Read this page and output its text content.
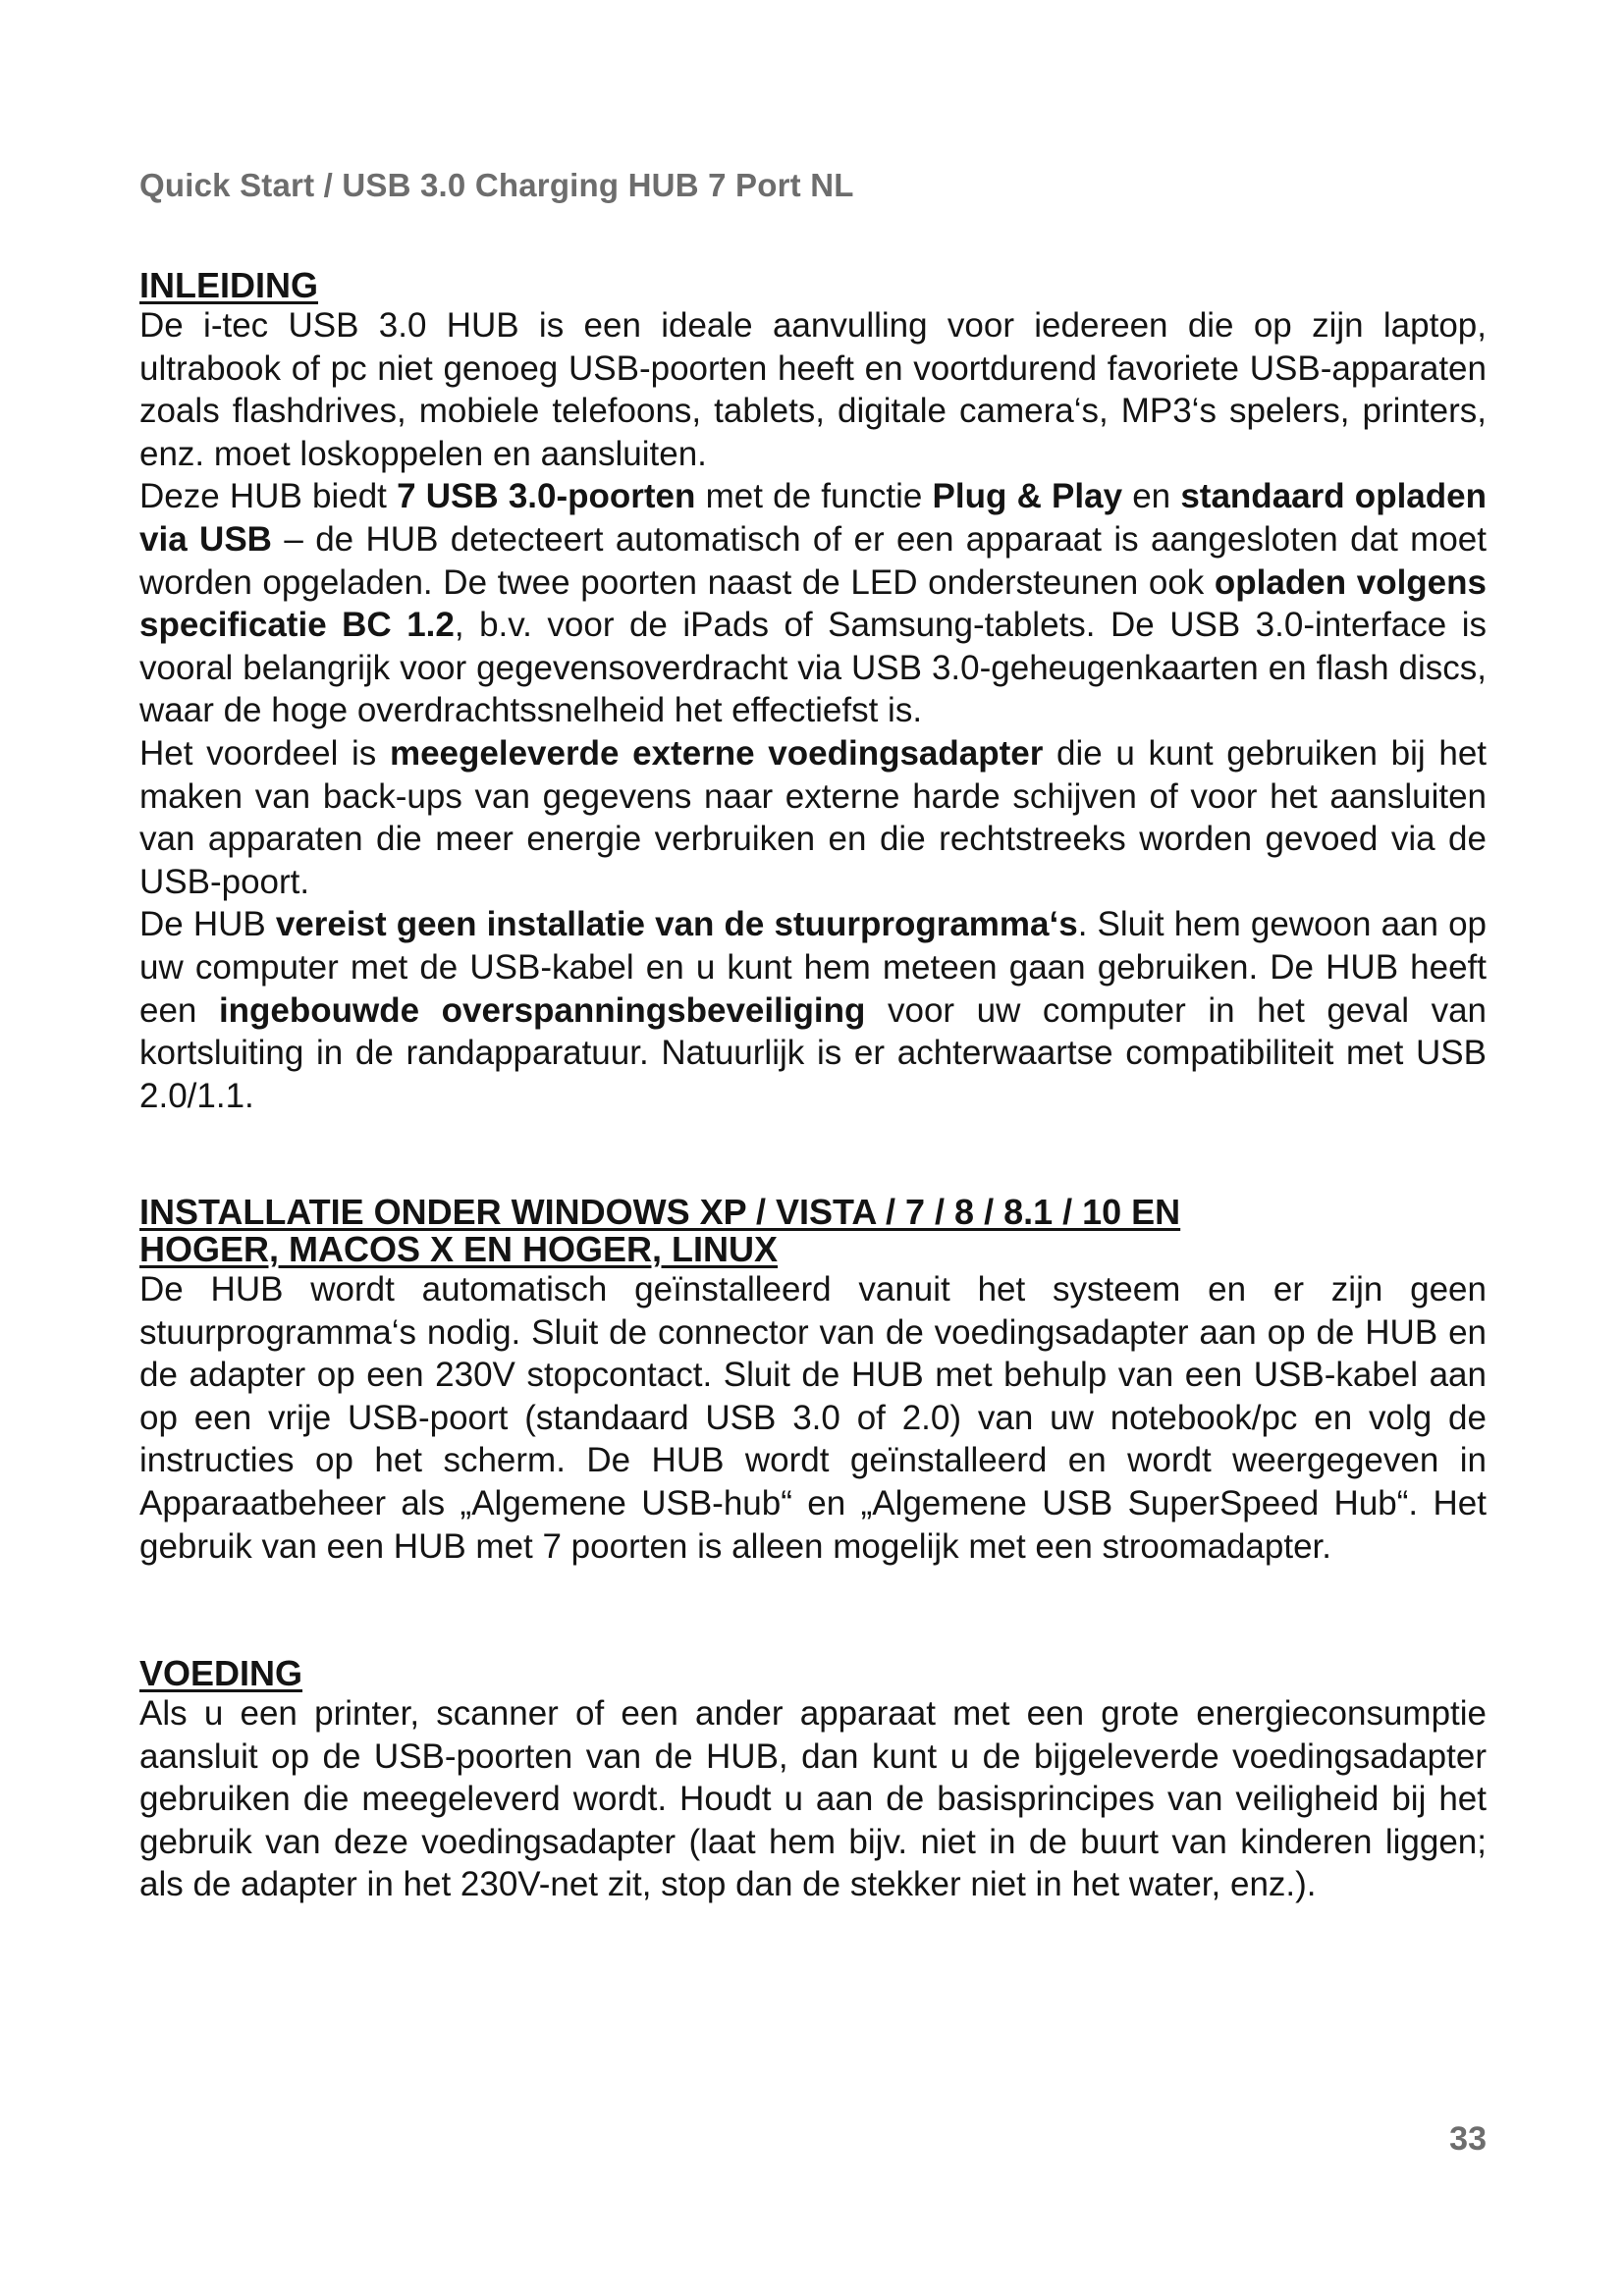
Quick Start / USB 3.0 Charging HUB 7 Port NL
INLEIDING

De i-tec USB 3.0 HUB is een ideale aanvulling voor iedereen die op zijn laptop, ultrabook of pc niet genoeg USB-poorten heeft en voortdurend favoriete USB-apparaten zoals flashdrives, mobiele telefoons, tablets, digitale camera‘s, MP3‘s spelers, printers, enz. moet loskoppelen en aansluiten.

Deze HUB biedt 7 USB 3.0-poorten met de functie Plug & Play en standaard opladen via USB – de HUB detecteert automatisch of er een apparaat is aangesloten dat moet worden opgeladen. De twee poorten naast de LED ondersteunen ook opladen volgens specificatie BC 1.2, b.v. voor de iPads of Samsung-tablets. De USB 3.0-interface is vooral belangrijk voor gegevensoverdracht via USB 3.0-geheugenkaarten en flash discs, waar de hoge overdrachtssnelheid het effectiefst is.

Het voordeel is meegeleverde externe voedingsadapter die u kunt gebruiken bij het maken van back-ups van gegevens naar externe harde schijven of voor het aansluiten van apparaten die meer energie verbruiken en die rechtstreeks worden gevoed via de USB-poort.

De HUB vereist geen installatie van de stuurprogramma‘s. Sluit hem gewoon aan op uw computer met de USB-kabel en u kunt hem meteen gaan gebruiken. De HUB heeft een ingebouwde overspanningsbeveiliging voor uw computer in het geval van kortsluiting in de randapparatuur. Natuurlijk is er achterwaartse compatibiliteit met USB 2.0/1.1.

INSTALLATIE ONDER WINDOWS XP / VISTA / 7 / 8 / 8.1 / 10 EN
HOGER, MACOS X EN HOGER, LINUX

De HUB wordt automatisch geïnstalleerd vanuit het systeem en er zijn geen stuurprogramma‘s nodig. Sluit de connector van de voedingsadapter aan op de HUB en de adapter op een 230V stopcontact. Sluit de HUB met behulp van een USB-kabel aan op een vrije USB-poort (standaard USB 3.0 of 2.0) van uw notebook/pc en volg de instructies op het scherm. De HUB wordt geïnstalleerd en wordt weergegeven in Apparaatbeheer als „Algemene USB-hub“ en „Algemene USB SuperSpeed Hub“. Het gebruik van een HUB met 7 poorten is alleen mogelijk met een stroomadapter.

VOEDING

Als u een printer, scanner of een ander apparaat met een grote energieconsumptie aansluit op de USB-poorten van de HUB, dan kunt u de bijgeleverde voedingsadapter gebruiken die meegeleverd wordt. Houdt u aan de basisprincipes van veiligheid bij het gebruik van deze voedingsadapter (laat hem bijv. niet in de buurt van kinderen liggen; als de adapter in het 230V-net zit, stop dan de stekker niet in het water, enz.).

33
